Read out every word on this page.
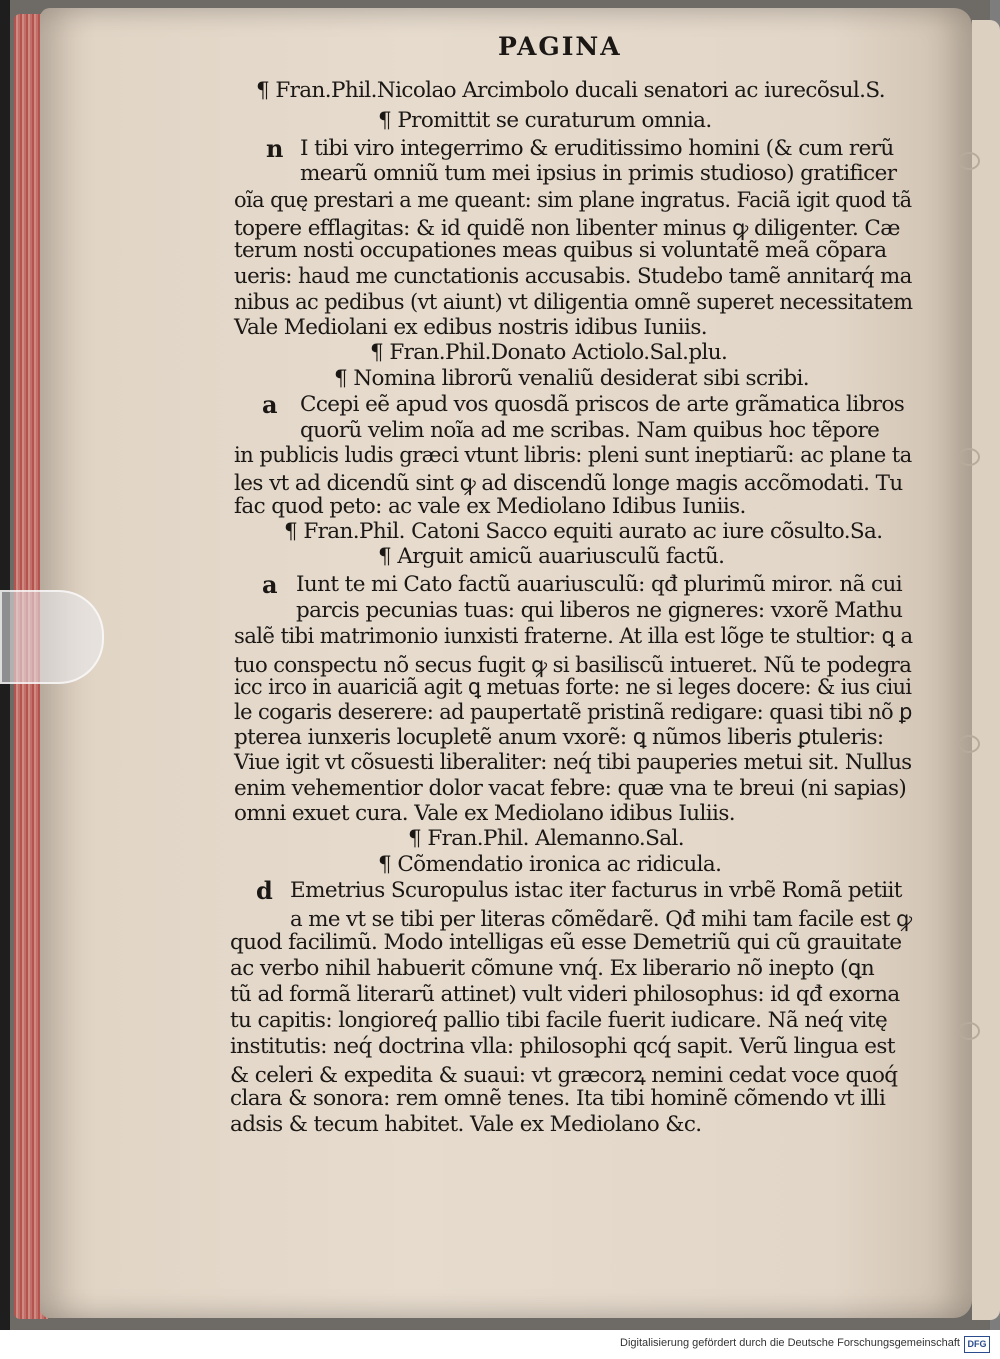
PAGINA
¶ Fran.Phil.Nicolao Arcimbolo ducali senatori ac iurecõsul.S.
¶ Promittit se curaturum omnia.
n I tibi viro integerrimo & eruditissimo homini (& cum rerũ
mearũ omniũ tum mei ipsius in primis studioso) gratificer
oĩa quę prestari a me queant: sim plane ingratus. Faciã igit quod tã
topere efflagitas: & id quidẽ non libenter minus ꝙ diligenter. Cæ
terum nosti occupationes meas quibus si voluntatẽ meã cõpara
ueris: haud me cunctationis accusabis. Studebo tamẽ annitarq́ ma
nibus ac pedibus (vt aiunt) vt diligentia omnẽ superet necessitatem
Vale Mediolani ex edibus nostris idibus Iuniis.
¶ Fran.Phil.Donato Actiolo.Sal.plu.
¶ Nomina librorũ venaliũ desiderat sibi scribi.
a Ccepi eẽ apud vos quosdã priscos de arte grãmatica libros
quorũ velim noĩa ad me scribas. Nam quibus hoc tẽpore
in publicis ludis græci vtunt libris: pleni sunt ineptiarũ: ac plane ta
les vt ad dicendũ sint ꝙ ad discendũ longe magis accõmodati. Tu
fac quod peto: ac vale ex Mediolano Idibus Iuniis.
¶ Fran.Phil. Catoni Sacco equiti aurato ac iure cõsulto.Sa.
¶ Arguit amicũ auariusculũ factũ.
a Iunt te mi Cato factũ auariusculũ: qđ plurimũ miror. nã cui
parcis pecunias tuas: qui liberos ne gigneres: vxorẽ Mathu
salẽ tibi matrimonio iunxisti fraterne. At illa est lõge te stultior: ꝗ a
tuo conspectu nõ secus fugit ꝙ si basiliscũ intueret. Nũ te podegra
icc irco in auariciã agit ꝗ metuas forte: ne si leges docere: & ius ciui
le cogaris deserere: ad paupertatẽ pristinã redigare: quasi tibi nõ ꝑ
pterea iunxeris locupletẽ anum vxorẽ: ꝗ nũmos liberis ꝑtuleris:
Viue igit vt cõsuesti liberaliter: neq́ tibi pauperies metui sit. Nullus
enim vehementior dolor vacat febre: quæ vna te breui (ni sapias)
omni exuet cura. Vale ex Mediolano idibus Iuliis.
¶ Fran.Phil. Alemanno.Sal.
¶ Cõmendatio ironica ac ridicula.
d Emetrius Scuropulus istac iter facturus in vrbẽ Romã petiit
a me vt se tibi per literas cõmẽdarẽ. Qđ mihi tam facile est ꝙ
quod facilimũ. Modo intelligas eũ esse Demetriũ qui cũ grauitate
ac verbo nihil habuerit cõmune vnq́. Ex liberario nõ inepto (ꝗn
tũ ad formã literarũ attinet) vult videri philosophus: id qđ exorna
tu capitis: longioreq́ pallio tibi facile fuerit iudicare. Nã neq́ vitę
institutis: neq́ doctrina vlla: philosophi qcq́ sapit. Verũ lingua est
& celeri & expedita & suaui: vt græcorꝝ nemini cedat voce quoq́
clara & sonora: rem omnẽ tenes. Ita tibi hominẽ cõmendo vt illi
adsis & tecum habitet. Vale ex Mediolano &c.
Digitalisierung gefördert durch die Deutsche Forschungsgemeinschaft DFG
